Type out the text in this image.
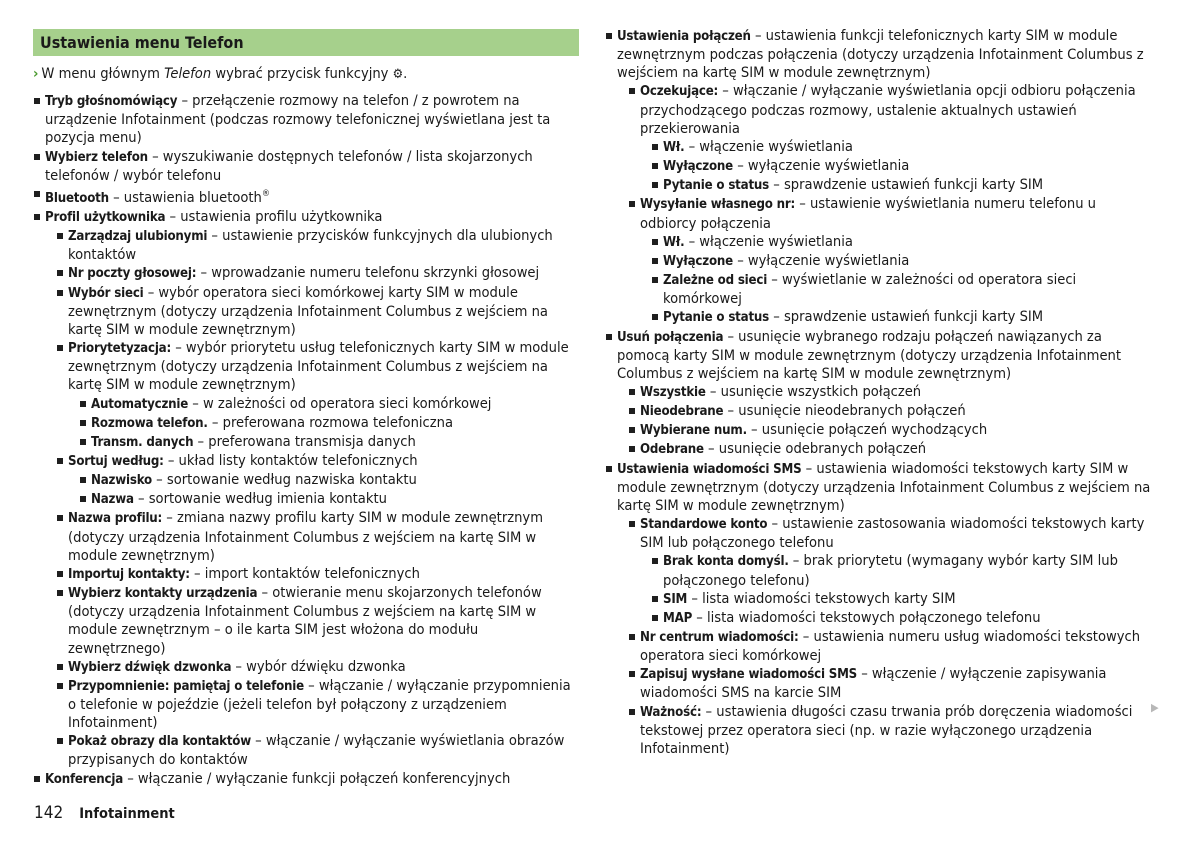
Ustawienia menu Telefon
› W menu głównym Telefon wybrać przycisk funkcyjny ⚙.
Tryb głośnomówiący – przełączenie rozmowy na telefon / z powrotem na urządzenie Infotainment (podczas rozmowy telefonicznej wyświetlana jest ta pozycja menu)
Wybierz telefon – wyszukiwanie dostępnych telefonów / lista skojarzonych telefonów / wybór telefonu
Bluetooth – ustawienia bluetooth®
Profil użytkownika – ustawienia profilu użytkownika
Zarządzaj ulubionymi – ustawienie przycisków funkcyjnych dla ulubionych kontaktów
Nr poczty głosowej: – wprowadzanie numeru telefonu skrzynki głosowej
Wybór sieci – wybór operatora sieci komórkowej karty SIM w module zewnętrznym (dotyczy urządzenia Infotainment Columbus z wejściem na kartę SIM w module zewnętrznym)
Priorytetyzacja: – wybór priorytetu usług telefonicznych karty SIM w module zewnętrznym (dotyczy urządzenia Infotainment Columbus z wejściem na kartę SIM w module zewnętrznym)
Automatycznie – w zależności od operatora sieci komórkowej
Rozmowa telefon. – preferowana rozmowa telefoniczna
Transm. danych – preferowana transmisja danych
Sortuj według: – układ listy kontaktów telefonicznych
Nazwisko – sortowanie według nazwiska kontaktu
Nazwa – sortowanie według imienia kontaktu
Nazwa profilu: – zmiana nazwy profilu karty SIM w module zewnętrznym (dotyczy urządzenia Infotainment Columbus z wejściem na kartę SIM w module zewnętrznym)
Importuj kontakty: – import kontaktów telefonicznych
Wybierz kontakty urządzenia – otwieranie menu skojarzonych telefonów (dotyczy urządzenia Infotainment Columbus z wejściem na kartę SIM w module zewnętrznym – o ile karta SIM jest włożona do modułu zewnętrznego)
Wybierz dźwięk dzwonka – wybór dźwięku dzwonka
Przypomnienie: pamiętaj o telefonie – włączanie / wyłączanie przypomnienia o telefonie w pojeździe (jeżeli telefon był połączony z urządzeniem Infotainment)
Pokaż obrazy dla kontaktów – włączanie / wyłączanie wyświetlania obrazów przypisanych do kontaktów
Konferencja – włączanie / wyłączanie funkcji połączeń konferencyjnych
Ustawienia połączeń – ustawienia funkcji telefonicznych karty SIM w module zewnętrznym podczas połączenia (dotyczy urządzenia Infotainment Columbus z wejściem na kartę SIM w module zewnętrznym)
Oczekujące: – włączanie / wyłączanie wyświetlania opcji odbioru połączenia przychodzącego podczas rozmowy, ustalenie aktualnych ustawień przekierowania
Wł. – włączenie wyświetlania
Wyłączone – wyłączenie wyświetlania
Pytanie o status – sprawdzenie ustawień funkcji karty SIM
Wysyłanie własnego nr: – ustawienie wyświetlania numeru telefonu u odbiorcy połączenia
Wł. – włączenie wyświetlania
Wyłączone – wyłączenie wyświetlania
Zależne od sieci – wyświetlanie w zależności od operatora sieci komórkowej
Pytanie o status – sprawdzenie ustawień funkcji karty SIM
Usuń połączenia – usunięcie wybranego rodzaju połączeń nawiązanych za pomocą karty SIM w module zewnętrznym (dotyczy urządzenia Infotainment Columbus z wejściem na kartę SIM w module zewnętrznym)
Wszystkie – usunięcie wszystkich połączeń
Nieodebrane – usunięcie nieodebranych połączeń
Wybierane num. – usunięcie połączeń wychodzących
Odebrane – usunięcie odebranych połączeń
Ustawienia wiadomości SMS – ustawienia wiadomości tekstowych karty SIM w module zewnętrznym (dotyczy urządzenia Infotainment Columbus z wejściem na kartę SIM w module zewnętrznym)
Standardowe konto – ustawienie zastosowania wiadomości tekstowych karty SIM lub połączonego telefonu
Brak konta domyśl. – brak priorytetu (wymagany wybór karty SIM lub połączonego telefonu)
SIM – lista wiadomości tekstowych karty SIM
MAP – lista wiadomości tekstowych połączonego telefonu
Nr centrum wiadomości: – ustawienia numeru usług wiadomości tekstowych operatora sieci komórkowej
Zapisuj wysłane wiadomości SMS – włączenie / wyłączenie zapisywania wiadomości SMS na karcie SIM
Ważność: – ustawienia długości czasu trwania prób doręczenia wiadomości tekstowej przez operatora sieci (np. w razie wyłączonego urządzenia Infotainment)
▶
142 Infotainment
